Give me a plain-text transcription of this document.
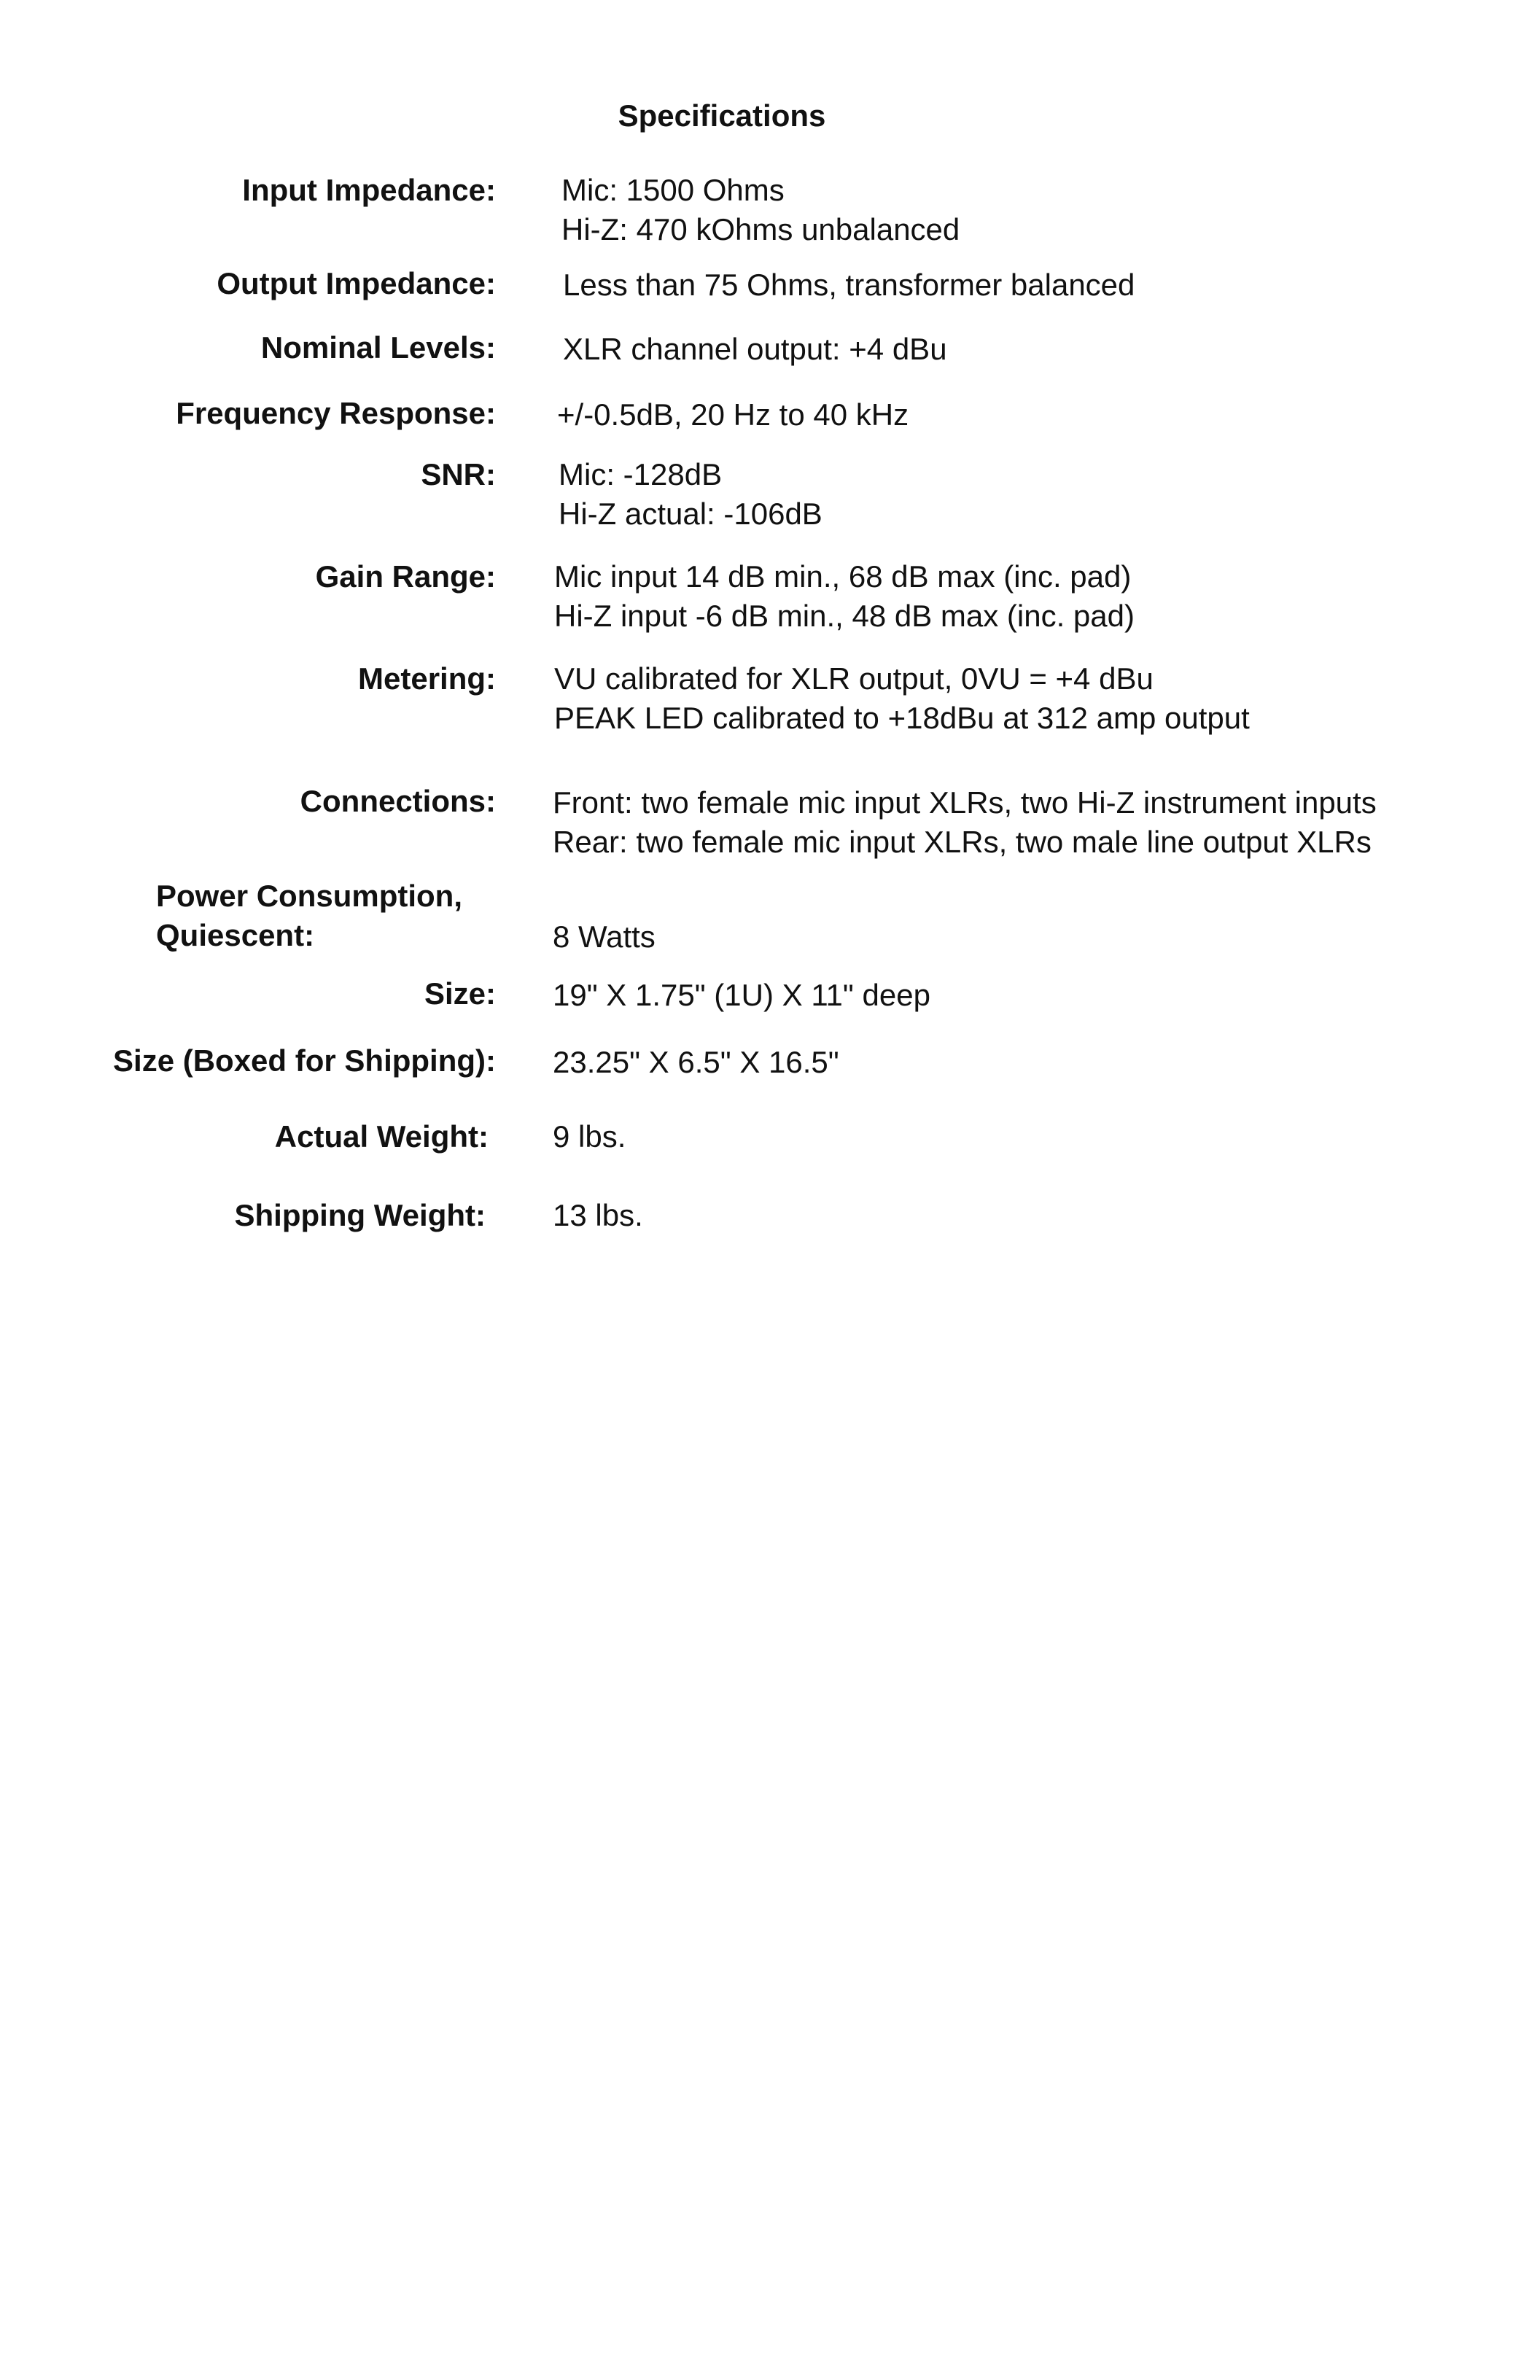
Specifications
Input Impedance: Mic: 1500 Ohms
Hi-Z: 470 kOhms unbalanced
Output Impedance: Less than 75 Ohms, transformer balanced
Nominal Levels: XLR channel output: +4 dBu
Frequency Response: +/-0.5dB, 20 Hz to 40 kHz
SNR: Mic: -128dB
Hi-Z actual: -106dB
Gain Range: Mic input 14 dB min., 68 dB max (inc. pad)
Hi-Z input -6 dB min., 48 dB max (inc. pad)
Metering: VU calibrated for XLR output, 0VU = +4 dBu
PEAK LED calibrated to +18dBu at 312 amp output
Connections: Front: two female mic input XLRs, two Hi-Z instrument inputs
Rear: two female mic input XLRs, two male line output XLRs
Power Consumption,
Quiescent:	8 Watts
Size: 19" X 1.75" (1U) X 11" deep
Size (Boxed for Shipping): 23.25" X 6.5" X 16.5"
Actual Weight: 9 lbs.
Shipping Weight: 13 lbs.
